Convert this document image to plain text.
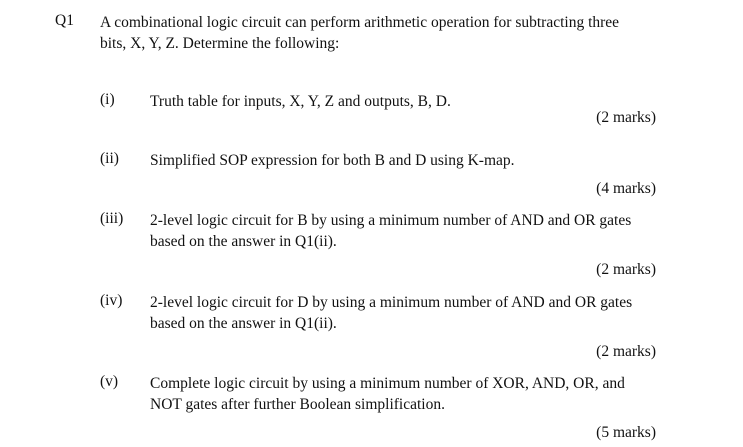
Q1 A combinational logic circuit can perform arithmetic operation for subtracting three
bits, X, Y, Z. Determine the following:
(i) Truth table for inputs, X, Y, Z and outputs, B, D.
(2 marks)
(ii) Simplified SOP expression for both B and D using K-map.
(4 marks)
(iii) 2-level logic circuit for B by using a minimum number of AND and OR gates
based on the answer in Q1(ii).
(2 marks)
(iv) 2-level logic circuit for D by using a minimum number of AND and OR gates
based on the answer in Q1(ii).
(2 marks)
(v) Complete logic circuit by using a minimum number of XOR, AND, OR, and
NOT gates after further Boolean simplification.
(5 marks)
